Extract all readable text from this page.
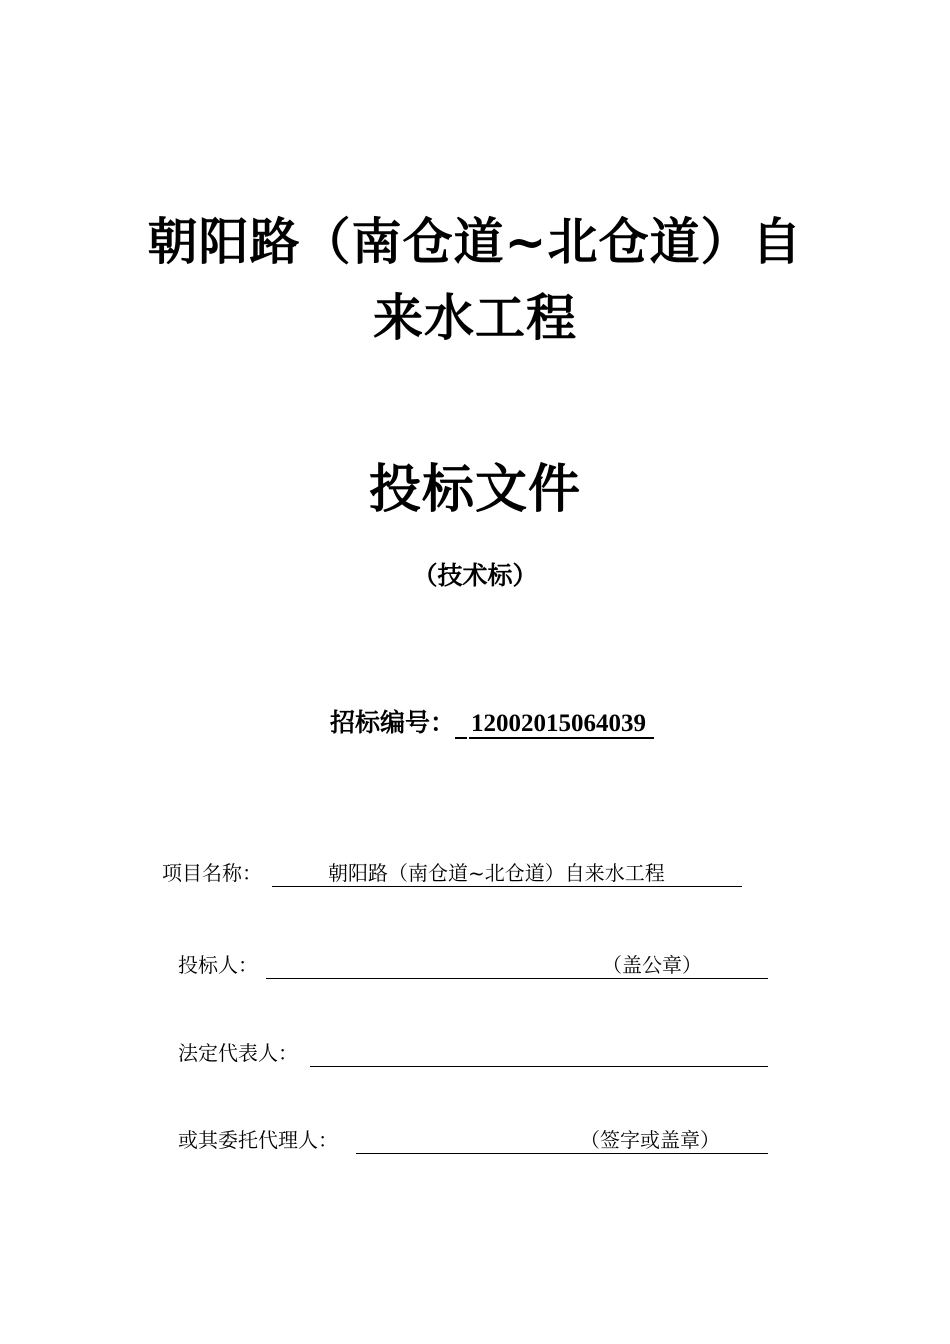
朝阳路（南仓道~北仓道）自
来水工程
投标文件
（技术标）
招标编号： 12002015064039
项目名称：	朝阳路（南仓道~北仓道）自来水工程
投标人：	（盖公章）
法定代表人：
或其委托代理人：	（签字或盖章）
